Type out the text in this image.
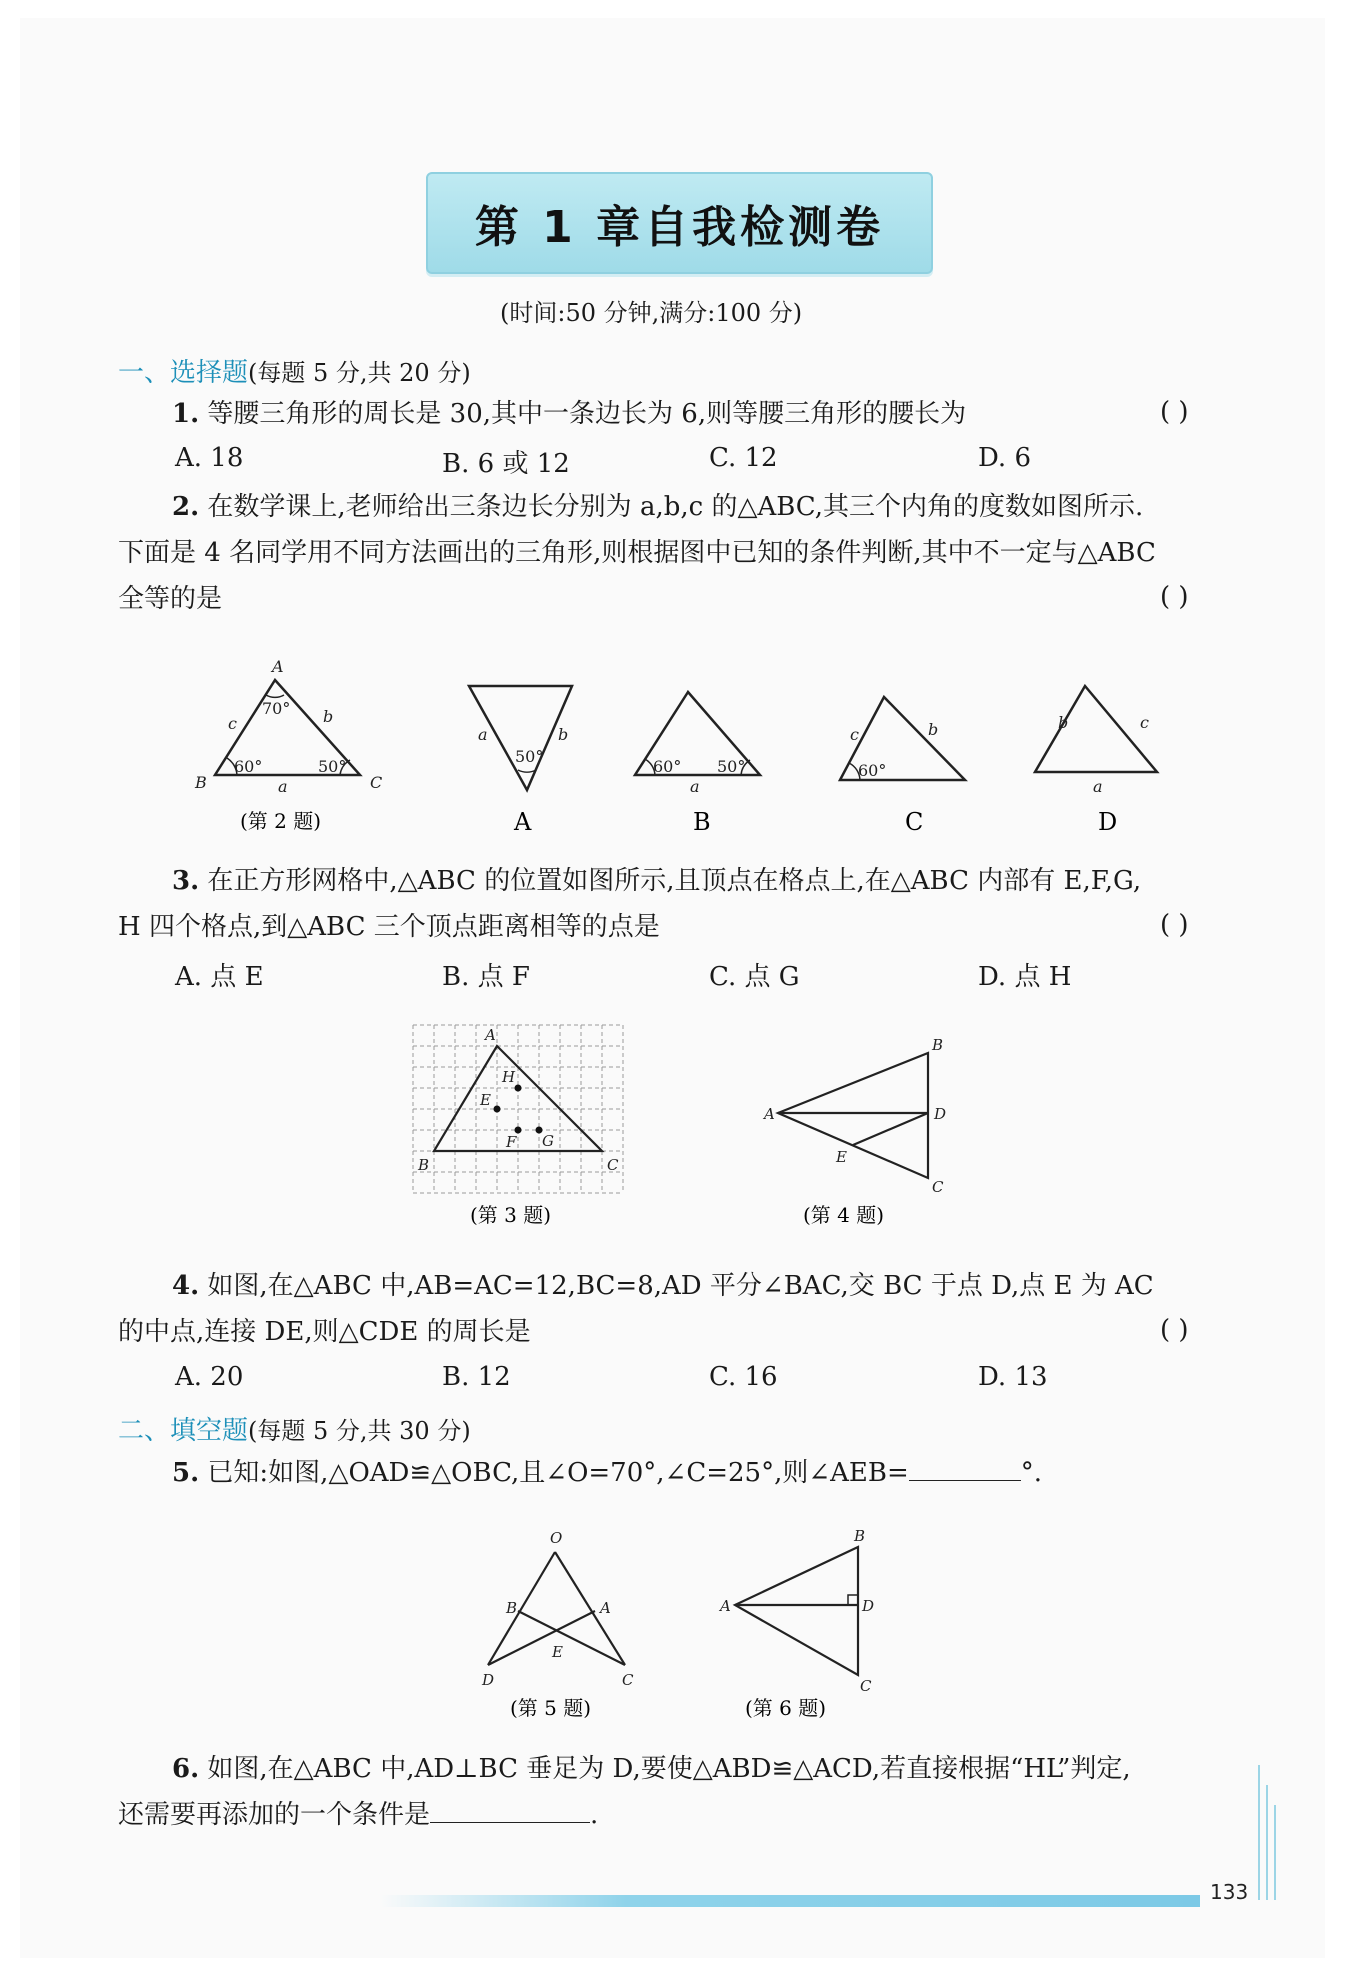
第 1 章自我检测卷
(时间:50 分钟,满分:100 分)
一、选择题(每题 5 分,共 20 分)
1. 等腰三角形的周长是 30,其中一条边长为 6,则等腰三角形的腰长为	( )
A. 18	B. 6 或 12	C. 12	D. 6
2. 在数学课上,老师给出三条边长分别为 a,b,c 的△ABC,其三个内角的度数如图所示.
下面是 4 名同学用不同方法画出的三角形,则根据图中已知的条件判断,其中不一定与△ABC
全等的是	( )
A
B	C
c	b
a
70°
60°	50°
a	b
50°
60° 50°
a
c	b
60°
b	c
a
(第 2 题)	A	B	C	D
3. 在正方形网格中,△ABC 的位置如图所示,且顶点在格点上,在△ABC 内部有 E,F,G,
H 四个格点,到△ABC 三个顶点距离相等的点是	( )
A. 点 E	B. 点 F	C. 点 G	D. 点 H
A
B	C
H
E
F G
(第 3 题)
A
B
D
E
C
(第 4 题)
4. 如图,在△ABC 中,AB=AC=12,BC=8,AD 平分∠BAC,交 BC 于点 D,点 E 为 AC
的中点,连接 DE,则△CDE 的周长是	( )
A. 20	B. 12	C. 16	D. 13
二、填空题(每题 5 分,共 30 分)
5. 已知:如图,△OAD≌△OBC,且∠O=70°,∠C=25°,则∠AEB=	°.
O
B	A
E
D	C
(第 5 题)
A
B
D
C
(第 6 题)
6. 如图,在△ABC 中,AD⊥BC 垂足为 D,要使△ABD≌△ACD,若直接根据“HL”判定,
还需要再添加的一个条件是	.
133
